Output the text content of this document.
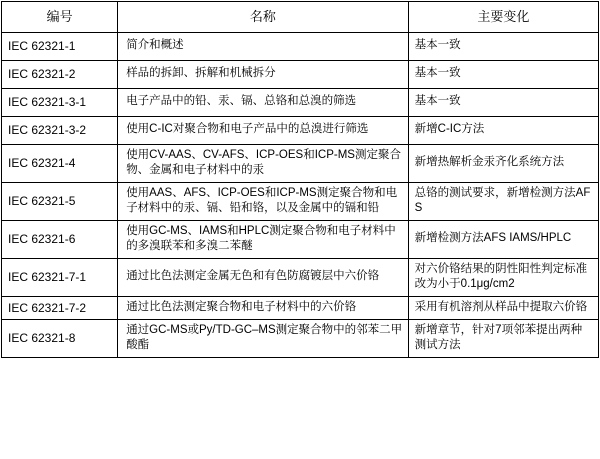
编号	名称	主要变化
IEC 62321-1	简介和概述	基本一致
IEC 62321-2	样品的拆卸、拆解和机械拆分	基本一致
IEC 62321-3-1	电子产品中的铅、汞、镉、总铬和总溴的筛选	基本一致
IEC 62321-3-2	使用C-IC对聚合物和电子产品中的总溴进行筛选	新增C-IC方法
IEC 62321-4	使用CV-AAS、CV-AFS、ICP-OES和ICP-MS测定聚合物、金属和电子材料中的汞	新增热解析金汞齐化系统方法
IEC 62321-5	使用AAS、AFS、ICP-OES和ICP-MS测定聚合物和电子材料中的汞、镉、铅和铬，以及金属中的镉和铅	总铬的测试要求，新增检测方法AFS
IEC 62321-6	使用GC-MS、IAMS和HPLC测定聚合物和电子材料中的多溴联苯和多溴二苯醚	新增检测方法AFS IAMS/HPLC
IEC 62321-7-1	通过比色法测定金属无色和有色防腐镀层中六价铬	对六价铬结果的阴性阳性判定标准改为小于0.1μg/cm2
IEC 62321-7-2	通过比色法测定聚合物和电子材料中的六价铬	采用有机溶剂从样品中提取六价铬
IEC 62321-8	通过GC-MS或Py/TD-GC–MS测定聚合物中的邻苯二甲酸酯	新增章节，针对7项邻苯提出两种测试方法
